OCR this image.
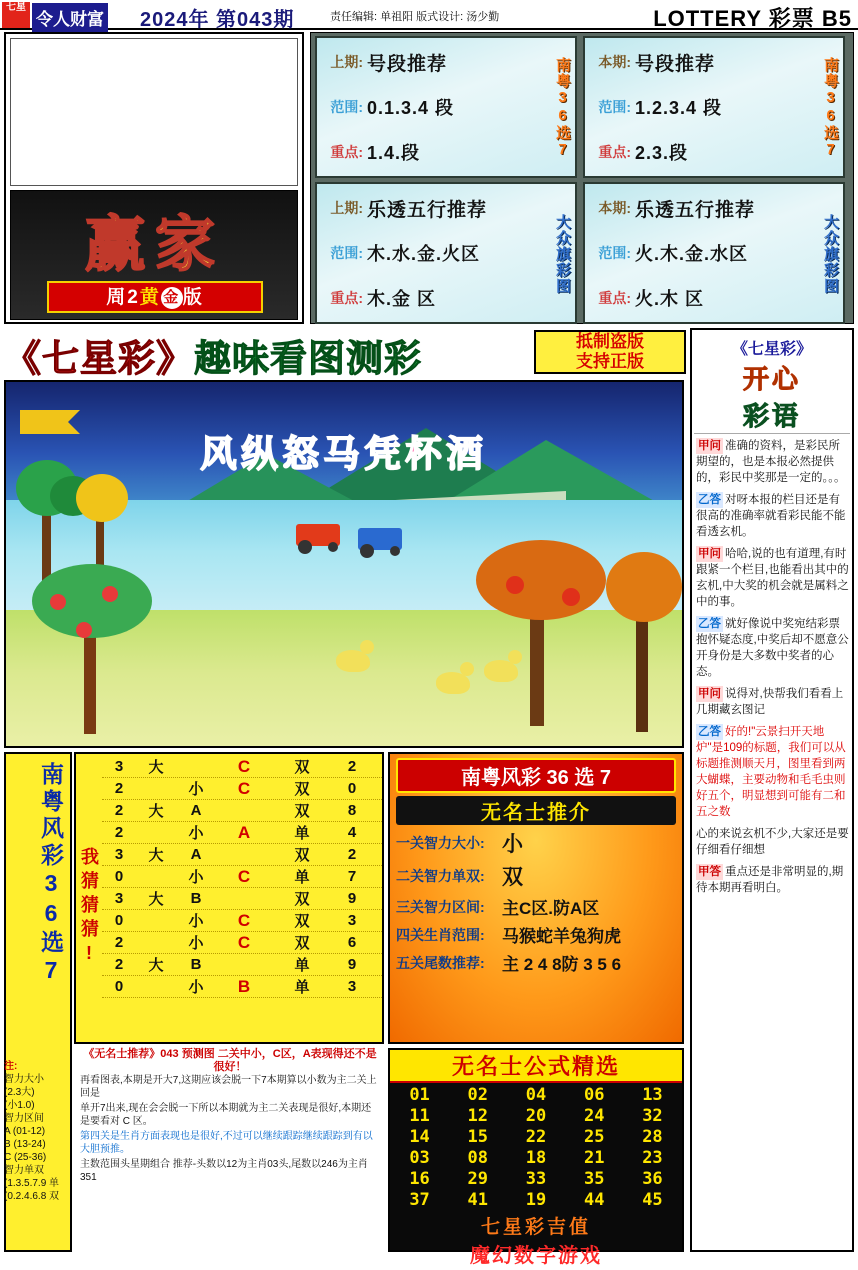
七星
令人财富 2024年 第043期	责任编辑: 单祖阳 版式设计: 汤少勤	LOTTERY 彩票 B5
赢家
周2黄 金 版
上期: 号段推荐
范围: 0.1.3.4 段
重点: 1.4.段	南粤36选7	本期: 号段推荐
范围: 1.2.3.4 段
重点: 2.3.段	南粤36选7
上期: 乐透五行推荐
范围: 木.水.金.火区
重点: 木.金 区
大众旗彩图
本期: 乐透五行推荐
范围: 火.木.金.水区
重点: 火.木 区
大众旗彩图
《七星彩》趣味看图测彩	抵制盗版
支持正版
《七星彩》
开心
彩语
甲问 准确的资料，是彩民所期望的，也是本报必然提供的，彩民中奖那是一定的。。。
乙答 对呀本报的栏目还是有很高的准确率就看彩民能不能看透玄机。
甲问 哈哈,说的也有道理,有时跟紧一个栏目,也能看出其中的玄机,中大奖的机会就是属料之中的事。
乙答 就好像说中奖宛结彩票抱怀疑态度,中奖后却不愿意公开身份是大多数中奖者的心态。
甲问 说得对,快帮我们看看上几期藏玄图记
乙答 好的!"云景扫开天地炉"是109的标题，我们可以从标题推测顺天月，图里看到两大蝴蝶，主要动物和毛毛虫则好五个，明显想到可能有二和五之数
心的来说玄机不少,大家还是要仔细看仔细想
甲答 重点还是非常明显的,期待本期再看明白。
风纵怒马凭杯酒
南粤风彩36选7 我猜猜猜!
3	大	C	双	2
2	小	C	双	0
2	大	A	双	8
2	小	A	单	4
3	大	A	双	2
0	小	C	单	7
3	大	B	双	9
0	小	C	双	3
2	小	C	双	6
2	大	B	单	9
0	小	B	单	3
南粤风彩 36 选 7
无名士推介
一关智力大小: 小
二关智力单双: 双
三关智力区间:	主C区.防A区
四关生肖范围:	马猴蛇羊兔狗虎
五关尾数推荐:	主 2 4 8防 3 5 6
无名士公式精选
01	02	04	06	13
11	12	20	24	32
14	15	22	25	28
03	08	18	21	23
16	29	33	35	36
37	41	19	44	45
七星彩吉值
魔幻数字游戏
《无名士推荐》043 预测图 二关中小，C区，A表现得还不是很好！

再看图表,本期是开大7,这期应该会脱一下7本期算以小数为主二关上回是

单开7出来,现在会会脱一下所以本期就为主二关表现是很好,本期还是要看对 C 区。

第四关是生肖方面表现也是很好,不过可以继续跟踪继续跟踪到有以大胆预推。

主数范围头星期组合 推荐-头数以12为主肖03头,尾数以246为主肖351

注:
智力大小
(2.3大)
(小1.0)
智力区间
A (01-12)
B (13-24)
C (25-36)
智力单双
(1.3.5.7.9 单
(0.2.4.6.8 双
